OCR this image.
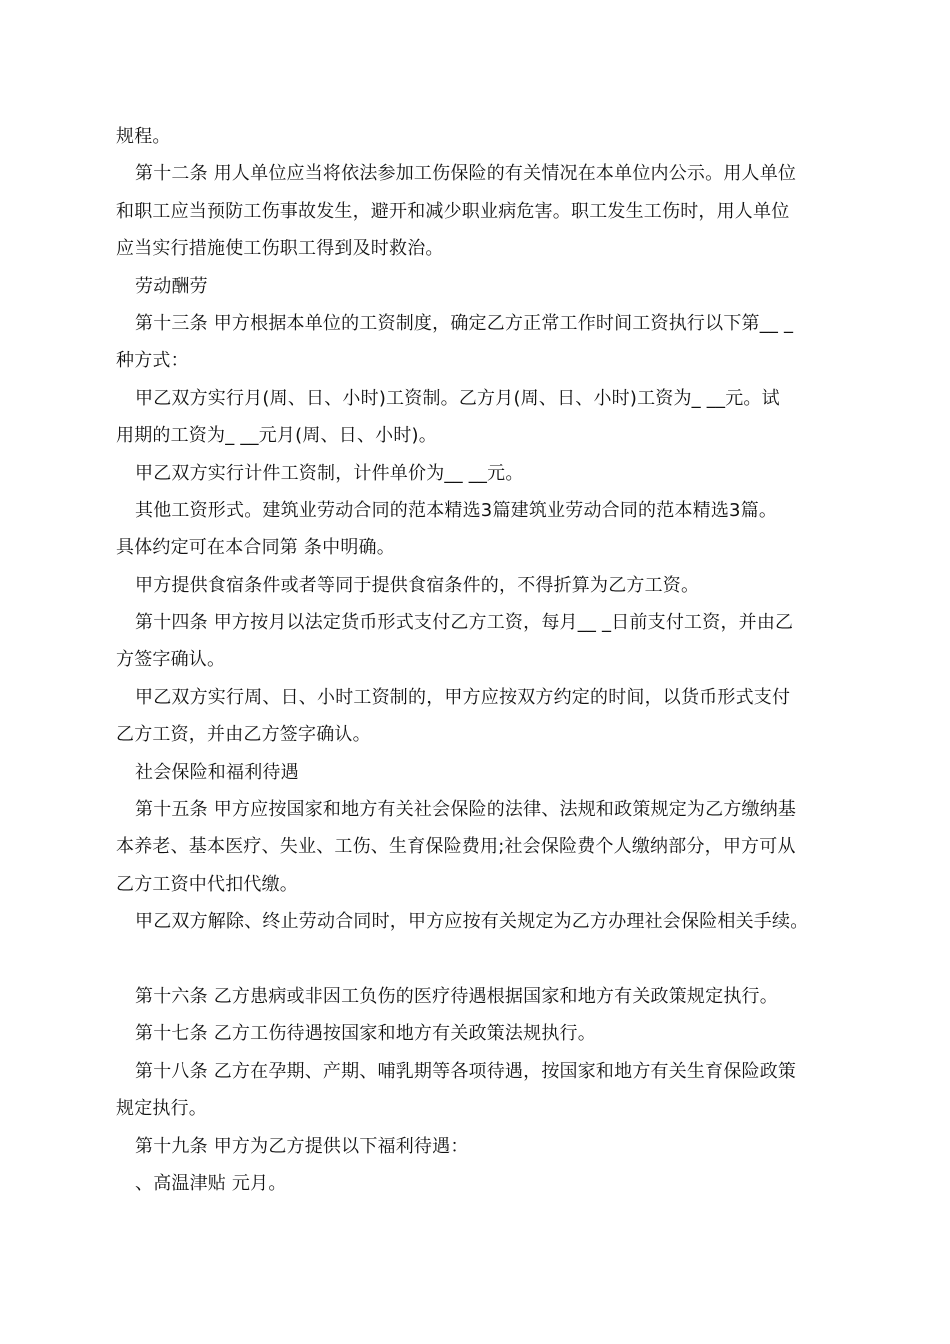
规程。
第十二条 用人单位应当将依法参加工伤保险的有关情况在本单位内公示。用人单位
和职工应当预防工伤事故发生，避开和减少职业病危害。职工发生工伤时，用人单位
应当实行措施使工伤职工得到及时救治。
劳动酬劳
第十三条 甲方根据本单位的工资制度，确定乙方正常工作时间工资执行以下第__ _
种方式：
甲乙双方实行月(周、日、小时)工资制。乙方月(周、日、小时)工资为_ __元。试
用期的工资为_ __元月(周、日、小时)。
甲乙双方实行计件工资制，计件单价为__ __元。
其他工资形式。建筑业劳动合同的范本精选3篇建筑业劳动合同的范本精选3篇。
具体约定可在本合同第 条中明确。
甲方提供食宿条件或者等同于提供食宿条件的，不得折算为乙方工资。
第十四条 甲方按月以法定货币形式支付乙方工资，每月__ _日前支付工资，并由乙
方签字确认。
甲乙双方实行周、日、小时工资制的，甲方应按双方约定的时间，以货币形式支付
乙方工资，并由乙方签字确认。
社会保险和福利待遇
第十五条 甲方应按国家和地方有关社会保险的法律、法规和政策规定为乙方缴纳基
本养老、基本医疗、失业、工伤、生育保险费用;社会保险费个人缴纳部分，甲方可从
乙方工资中代扣代缴。
甲乙双方解除、终止劳动合同时，甲方应按有关规定为乙方办理社会保险相关手续。
第十六条 乙方患病或非因工负伤的医疗待遇根据国家和地方有关政策规定执行。
第十七条 乙方工伤待遇按国家和地方有关政策法规执行。
第十八条 乙方在孕期、产期、哺乳期等各项待遇，按国家和地方有关生育保险政策
规定执行。
第十九条 甲方为乙方提供以下福利待遇：
、高温津贴 元月。
